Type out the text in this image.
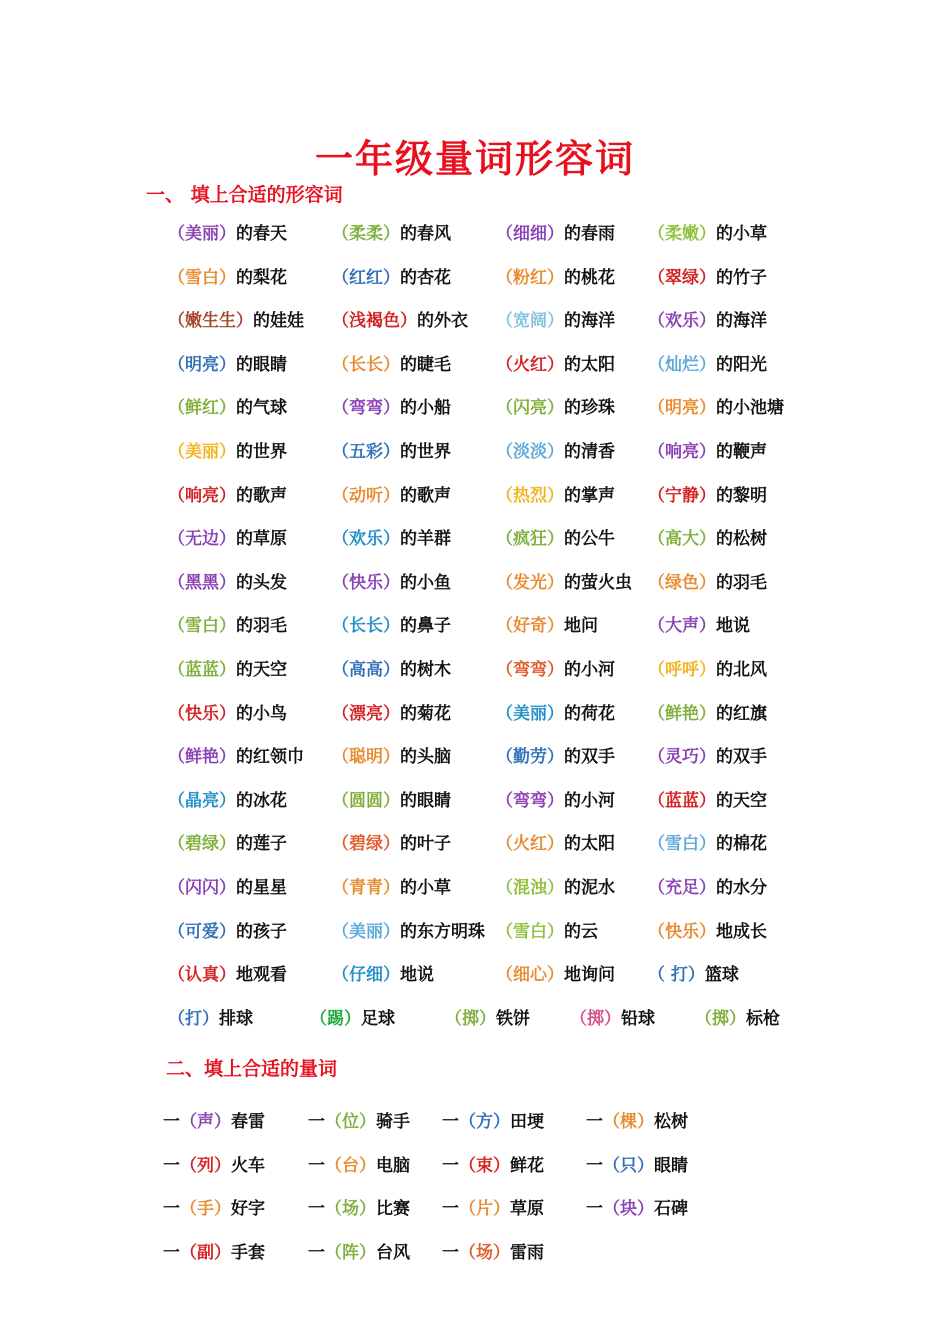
一年级量词形容词
一、 填上合适的形容词
（美丽）的春天	（柔柔）的春风	（细细）的春雨 （柔嫩）的小草
（雪白）的梨花	（红红）的杏花	（粉红）的桃花 （翠绿）的竹子
（嫩生生）的娃娃 （浅褐色）的外衣 （宽阔）的海洋 （欢乐）的海洋
（明亮）的眼睛	（长长）的睫毛	（火红）的太阳 （灿烂）的阳光
（鲜红）的气球	（弯弯）的小船	（闪亮）的珍珠 （明亮）的小池塘
（美丽）的世界	（五彩）的世界	（淡淡）的清香 （响亮）的鞭声
（响亮）的歌声	（动听）的歌声	（热烈）的掌声 （宁静）的黎明
（无边）的草原	（欢乐）的羊群	（疯狂）的公牛 （高大）的松树
（黑黑）的头发	（快乐）的小鱼	（发光）的萤火虫 （绿色）的羽毛
（雪白）的羽毛	（长长）的鼻子	（好奇）地问	（大声）地说
（蓝蓝）的天空	（高高）的树木	（弯弯）的小河 （呼呼）的北风
（快乐）的小鸟	（漂亮）的菊花	（美丽）的荷花 （鲜艳）的红旗
（鲜艳）的红领巾 （聪明）的头脑	（勤劳）的双手 （灵巧）的双手
（晶亮）的冰花	（圆圆）的眼睛	（弯弯）的小河 （蓝蓝）的天空
（碧绿）的莲子	（碧绿）的叶子	（火红）的太阳 （雪白）的棉花
（闪闪）的星星	（青青）的小草	（混浊）的泥水 （充足）的水分
（可爱）的孩子	（美丽）的东方明珠 （雪白）的云	（快乐）地成长
（认真）地观看	（仔细）地说	（细心）地询问 （ 打）篮球
（打）排球	（踢）足球	（掷）铁饼 （掷）铅球 （掷）标枪
二、填上合适的量词
一（声）春雷	一（位）骑手 一（方）田埂 一（棵）松树
一（列）火车	一（台）电脑 一（束）鲜花 一（只）眼睛
一（手）好字	一（场）比赛 一（片）草原 一（块）石碑
一（副）手套	一（阵）台风 一（场）雷雨
